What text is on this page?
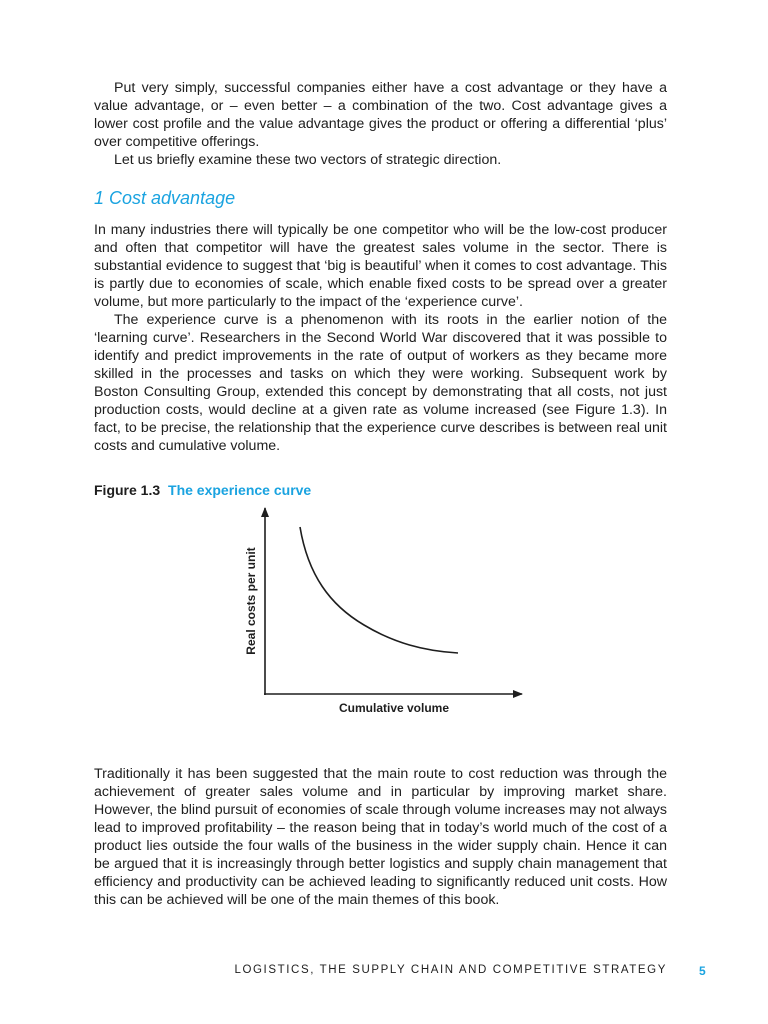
Put very simply, successful companies either have a cost advantage or they have a value advantage, or – even better – a combination of the two. Cost advantage gives a lower cost profile and the value advantage gives the product or offering a differential ‘plus’ over competitive offerings.

Let us briefly examine these two vectors of strategic direction.

1 Cost advantage

In many industries there will typically be one competitor who will be the low-cost producer and often that competitor will have the greatest sales volume in the sector. There is substantial evidence to suggest that ‘big is beautiful’ when it comes to cost advantage. This is partly due to economies of scale, which enable fixed costs to be spread over a greater volume, but more particularly to the impact of the ‘experience curve’.

The experience curve is a phenomenon with its roots in the earlier notion of the ‘learning curve’. Researchers in the Second World War discovered that it was possible to identify and predict improvements in the rate of output of workers as they became more skilled in the processes and tasks on which they were working. Subsequent work by Boston Consulting Group, extended this concept by demonstrating that all costs, not just production costs, would decline at a given rate as volume increased (see Figure 1.3). In fact, to be precise, the relationship that the experience curve describes is between real unit costs and cumulative volume.

Figure 1.3 The experience curve
Real costs per unit
Cumulative volume

Traditionally it has been suggested that the main route to cost reduction was through the achievement of greater sales volume and in particular by improving market share. However, the blind pursuit of economies of scale through volume increases may not always lead to improved profitability – the reason being that in today’s world much of the cost of a product lies outside the four walls of the business in the wider supply chain. Hence it can be argued that it is increasingly through better logistics and supply chain management that efficiency and productivity can be achieved leading to significantly reduced unit costs. How this can be achieved will be one of the main themes of this book.

LOGISTICS, THE SUPPLY CHAIN AND COMPETITIVE STRATEGY	5
